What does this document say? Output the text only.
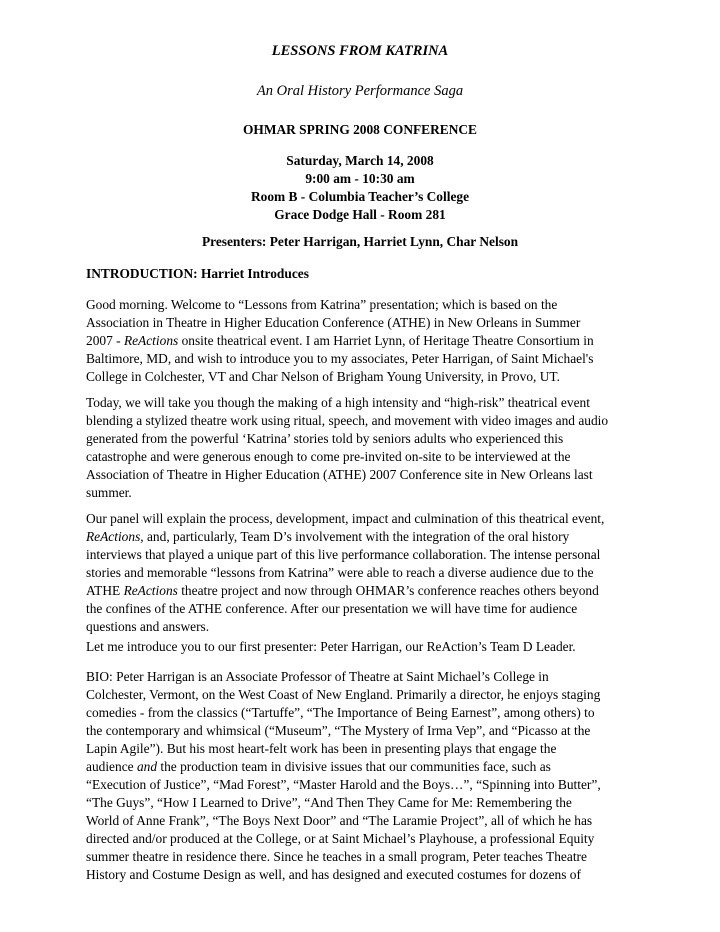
LESSONS FROM KATRINA
An Oral History Performance Saga
OHMAR SPRING 2008 CONFERENCE
Saturday, March 14, 2008
9:00 am - 10:30 am
Room B - Columbia Teacher’s College
Grace Dodge Hall - Room 281
Presenters: Peter Harrigan, Harriet Lynn, Char Nelson
INTRODUCTION: Harriet Introduces
Good morning. Welcome to “Lessons from Katrina” presentation; which is based on the
Association in Theatre in Higher Education Conference (ATHE) in New Orleans in Summer
2007 - ReActions onsite theatrical event. I am Harriet Lynn, of Heritage Theatre Consortium in
Baltimore, MD, and wish to introduce you to my associates, Peter Harrigan, of Saint Michael's
College in Colchester, VT and Char Nelson of Brigham Young University, in Provo, UT.
Today, we will take you though the making of a high intensity and “high-risk” theatrical event
blending a stylized theatre work using ritual, speech, and movement with video images and audio
generated from the powerful ‘Katrina’ stories told by seniors adults who experienced this
catastrophe and were generous enough to come pre-invited on-site to be interviewed at the
Association of Theatre in Higher Education (ATHE) 2007 Conference site in New Orleans last
summer.
Our panel will explain the process, development, impact and culmination of this theatrical event,
ReActions, and, particularly, Team D’s involvement with the integration of the oral history
interviews that played a unique part of this live performance collaboration. The intense personal
stories and memorable “lessons from Katrina” were able to reach a diverse audience due to the
ATHE ReActions theatre project and now through OHMAR’s conference reaches others beyond
the confines of the ATHE conference. After our presentation we will have time for audience
questions and answers.
Let me introduce you to our first presenter: Peter Harrigan, our ReAction’s Team D Leader.
BIO: Peter Harrigan is an Associate Professor of Theatre at Saint Michael’s College in
Colchester, Vermont, on the West Coast of New England. Primarily a director, he enjoys staging
comedies - from the classics (“Tartuffe”, “The Importance of Being Earnest”, among others) to
the contemporary and whimsical (“Museum”, “The Mystery of Irma Vep”, and “Picasso at the
Lapin Agile”). But his most heart-felt work has been in presenting plays that engage the
audience and the production team in divisive issues that our communities face, such as
“Execution of Justice”, “Mad Forest”, “Master Harold and the Boys…”, “Spinning into Butter”,
“The Guys”, “How I Learned to Drive”, “And Then They Came for Me: Remembering the
World of Anne Frank”, “The Boys Next Door” and “The Laramie Project”, all of which he has
directed and/or produced at the College, or at Saint Michael’s Playhouse, a professional Equity
summer theatre in residence there. Since he teaches in a small program, Peter teaches Theatre
History and Costume Design as well, and has designed and executed costumes for dozens of
